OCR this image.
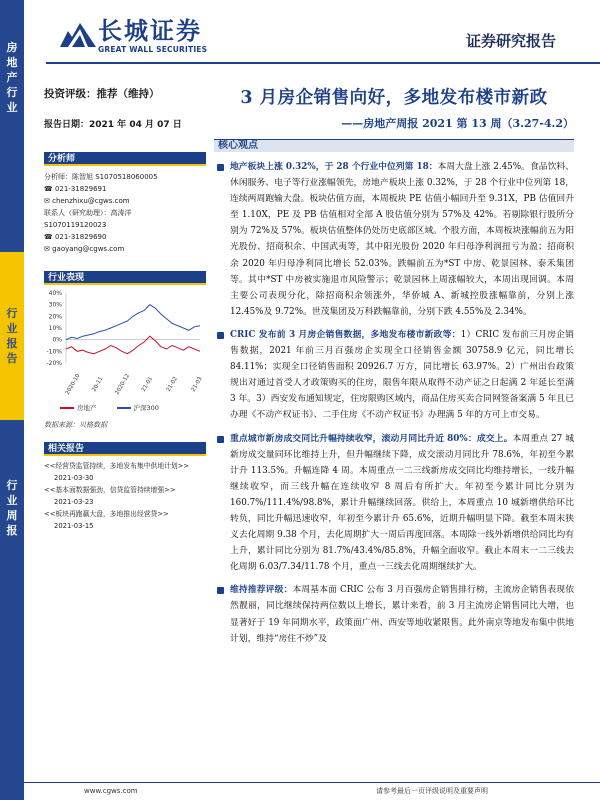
房
地
产
行
业
行
业
报
告
行
业
周
报
长城证券
GREAT WALL SECURITIES	证券研究报告
投资评级：推荐（维持）
报告日期：2021 年 04 月 07 日
分析师
分析师：陈智旭 S1070518060005
☎ 021-31829691
✉ chenzhixu@cgws.com
联系人（研究助理）：高涛洋
S1070119120023
☎ 021-31829690
✉ gaoyang@cgws.com
行业表现
40%
30%
20%
10%
0%
-10%
-20%
2020-10 20-11 2020-12 21-01 21-02 21-03
房地产	沪深300
数据来源：贝格数据
相关报告
<<经营贷监管持续，多地发布集中供地计划>>
2021-03-30
<<基本面数据强劲，信贷监管持续增强>>
2021-03-23
<<板块再跑赢大盘，多地推出经营贷>>
2021-03-15
3 月房企销售向好，多地发布楼市新政
——房地产周报 2021 第 13 周（3.27-4.2）
核心观点
地产板块上涨 0.32%，于 28 个行业中位列第 18：本周大盘上涨 2.45%。食品饮料、休闲服务、电子等行业涨幅领先，房地产板块上涨 0.32%，于 28 个行业中位列第 18，连续两周跑输大盘。板块估值方面，本周板块 PE 估值小幅回升至 9.31X，PB 估值回升至 1.10X，PE 及 PB 估值相对全部 A 股估值分别为 57%及 42%。若剔除银行股所分别为 72%及 57%。板块估值整体仍处历史底部区域。个股方面，本周板块涨幅前五为阳光股份、招商积余、中国武夷等，其中阳光股份 2020 年归母净利润扭亏为盈；招商积余 2020 年归母净利同比增长 52.03%。跌幅前五为*ST 中房、乾景园林、泰禾集团等。其中*ST 中房被实施退市风险警示；乾景园林上周涨幅较大，本周出现回调。本周主要公司表现分化，除招商积余领涨外，华侨城 A、新城控股涨幅靠前，分别上涨 12.45%及 9.72%。世茂集团及万科跌幅靠前，分别下跌 4.55%及 2.34%。
CRIC 发布前 3 月房企销售数据，多地发布楼市新政等：1）CRIC 发布前三月房企销售数据，2021 年前三月百强房企实现全口径销售金额 30758.9 亿元，同比增长 84.11%；实现全口径销售面积 20926.7 万方，同比增长 63.97%。2）广州出台政策规出对通过首受人才政策购买的住房，限售年限从取得不动产证之日起满 2 年延长至满 3 年。3）西安发布通知规定，住房限购区域内，商品住房买卖合同网签备案满 5 年且已办理《不动产权证书》、二手住房《不动产权证书》办理满 5 年的方可上市交易。
重点城市新房成交同比升幅持续收窄，滚动月同比升近 80%：成交上。本周重点 27 城新房成交量同环比维持上升，但升幅继续下降，成交滚动月同比升 78.6%，年初至今累计升 113.5%。升幅连降 4 周。本周重点一二三线新房成交同比均维持增长，一线升幅继续收窄，而三线升幅在连续收窄 8 周后有所扩大。年初至今累计同比分别为 160.7%/111.4%/98.8%，累计升幅继续回落。供给上，本周重点 10 城新增供给环比转负，同比升幅迅速收窄，年初至今累计升 65.6%，近期升幅明显下降。截至本周末狭义去化周期 9.38 个月，去化周期扩大一周后再度回落。本周除一线外新增供给同比均有上升，累计同比分别为 81.7%/43.4%/85.8%，升幅全面收窄。截止本周末一二三线去化周期 6.03/7.34/11.78 个月，重点一三线去化周期继续扩大。
维持推荐评级：本周基本面 CRIC 公布 3 月百强房企销售排行榜，主流房企销售表现依然靓丽，同比继续保持两位数以上增长，累计来看，前 3 月主流房企销售同比大增，也显著好于 19 年同期水平，政策面广州、西安等地收紧限售。此外南京等地发布集中供地计划，维持“房住不炒”及
www.cgws.com	请参考最后一页评级说明及重要声明
